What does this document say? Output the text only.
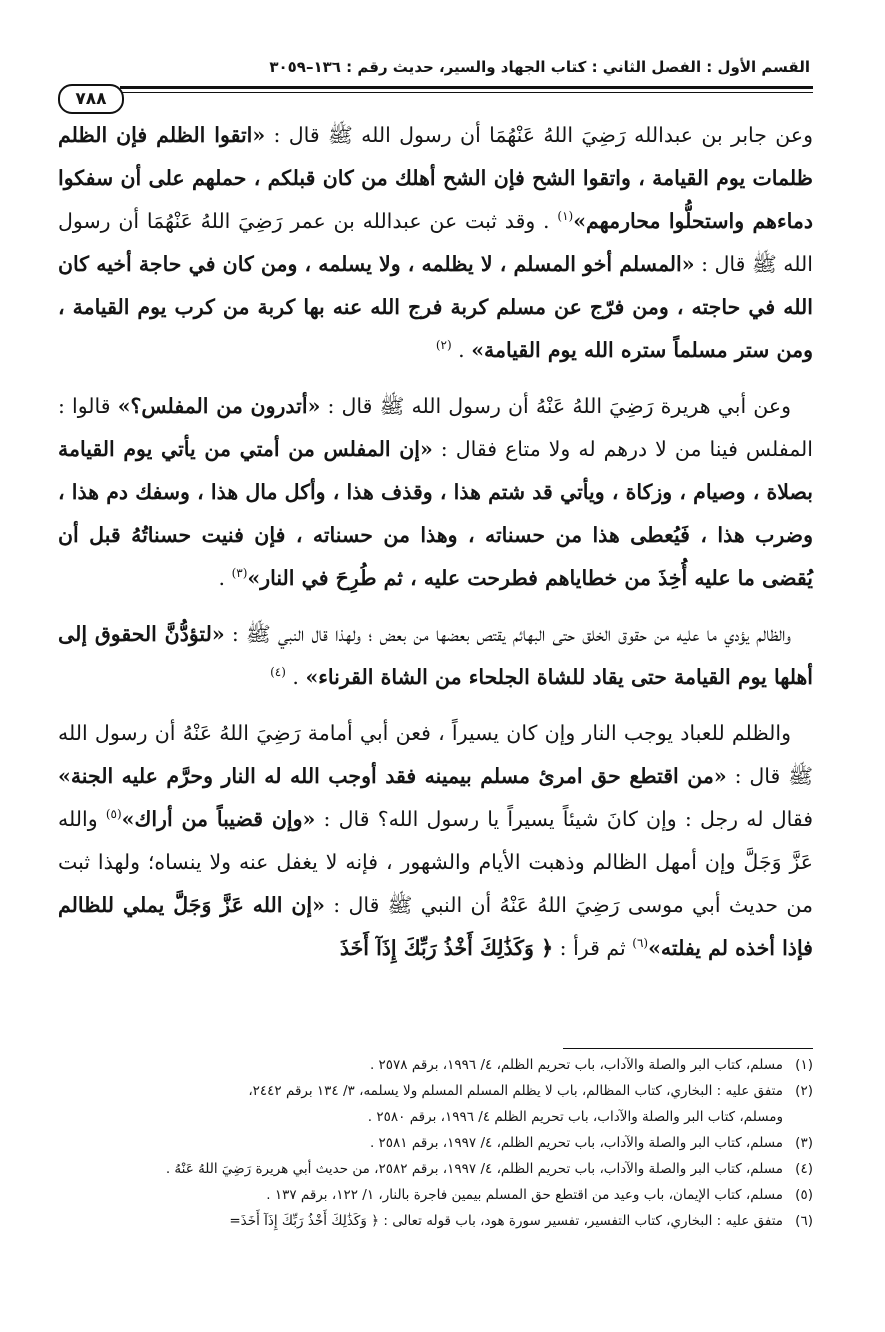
القسم الأول : الفصل الثاني : كتاب الجهاد والسير، حديث رقم : ١٣٦–٣٠٥٩
٧٨٨

وعن جابر بن عبدالله رَضِيَ اللهُ عَنْهُمَا أن رسول الله ﷺ قال : «اتقوا الظلم فإن الظلم ظلمات يوم القيامة ، واتقوا الشح فإن الشح أهلك من كان قبلكم ، حملهم على أن سفكوا دماءهم واستحلُّوا محارمهم»$^{(١)}$ . وقد ثبت عن عبدالله بن عمر رَضِيَ اللهُ عَنْهُمَا أن رسول الله ﷺ قال : «المسلم أخو المسلم ، لا يظلمه ، ولا يسلمه ، ومن كان في حاجة أخيه كان الله في حاجته ، ومن فرّج عن مسلم كربة فرج الله عنه بها كربة من كرب يوم القيامة ، ومن ستر مسلماً ستره الله يوم القيامة» . $^{(٢)}$

وعن أبي هريرة رَضِيَ اللهُ عَنْهُ أن رسول الله ﷺ قال : «أتدرون من المفلس؟» قالوا : المفلس فينا من لا درهم له ولا متاع فقال : «إن المفلس من أمتي من يأتي يوم القيامة بصلاة ، وصيام ، وزكاة ، ويأتي قد شتم هذا ، وقذف هذا ، وأكل مال هذا ، وسفك دم هذا ، وضرب هذا ، فَيُعطى هذا من حسناته ، وهذا من حسناته ، فإن فنيت حسناتُهُ قبل أن يُقضى ما عليه أُخِذَ من خطاياهم فطرحت عليه ، ثم طُرِحَ في النار»$^{(٣)}$ .

والظالم يؤدي ما عليه من حقوق الخلق حتى البهائم يقتص بعضها من بعض ؛ ولهذا قال النبي ﷺ : «لتؤدُّنَّ الحقوق إلى أهلها يوم القيامة حتى يقاد للشاة الجلحاء من الشاة القرناء» . $^{(٤)}$

والظلم للعباد يوجب النار وإن كان يسيراً ، فعن أبي أمامة رَضِيَ اللهُ عَنْهُ أن رسول الله ﷺ قال : «من اقتطع حق امرئ مسلم بيمينه فقد أوجب الله له النار وحرَّم عليه الجنة» فقال له رجل : وإن كانَ شيئاً يسيراً يا رسول الله؟ قال : «وإن قضيباً من أراك»$^{(٥)}$ والله عَزَّ وَجَلَّ وإن أمهل الظالم وذهبت الأيام والشهور ، فإنه لا يغفل عنه ولا ينساه؛ ولهذا ثبت من حديث أبي موسى رَضِيَ اللهُ عَنْهُ أن النبي ﷺ قال : «إن الله عَزَّ وَجَلَّ يملي للظالم فإذا أخذه لم يفلته»$^{(٦)}$ ثم قرأ : ﴿ وَكَذَٰلِكَ أَخْذُ رَبِّكَ إِذَآ أَخَذَ

(١)مسلم، كتاب البر والصلة والآداب، باب تحريم الظلم، ٤/ ١٩٩٦، برقم ٢٥٧٨ .
(٢)متفق عليه : البخاري، كتاب المظالم، باب لا يظلم المسلم المسلم ولا يسلمه، ٣/ ١٣٤ برقم ٢٤٤٢،
ومسلم، كتاب البر والصلة والآداب، باب تحريم الظلم ٤/ ١٩٩٦، برقم ٢٥٨٠ .
(٣)مسلم، كتاب البر والصلة والآداب، باب تحريم الظلم، ٤/ ١٩٩٧، برقم ٢٥٨١ .
(٤)مسلم، كتاب البر والصلة والآداب، باب تحريم الظلم، ٤/ ١٩٩٧، برقم ٢٥٨٢، من حديث أبي هريرة رَضِيَ اللهُ عَنْهُ .
(٥)مسلم، كتاب الإيمان، باب وعيد من اقتطع حق المسلم بيمين فاجرة بالنار، ١/ ١٢٢، برقم ١٣٧ .
(٦)متفق عليه : البخاري، كتاب التفسير، تفسير سورة هود، باب قوله تعالى : ﴿ وَكَذَٰلِكَ أَخْذُ رَبِّكَ إِذَآ أَخَذَ=
